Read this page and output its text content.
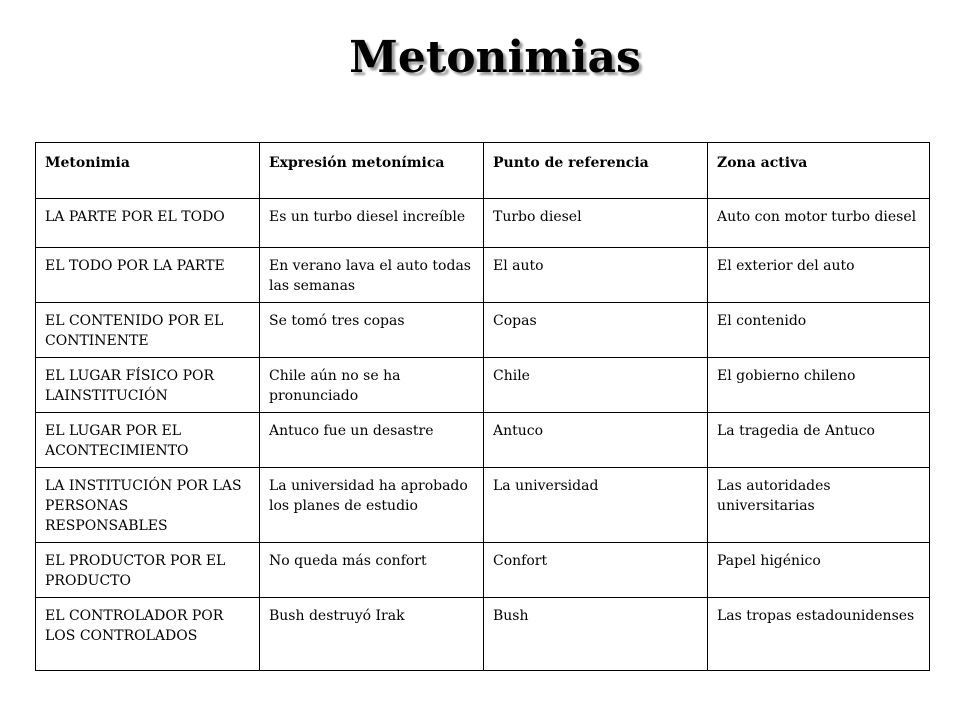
Metonimias
Metonimia	Expresión metonímica	Punto de referencia	Zona activa
LA PARTE POR EL TODO	Es un turbo diesel increíble	Turbo diesel	Auto con motor turbo diesel
EL TODO POR LA PARTE	En verano lava el auto todas las semanas	El auto	El exterior del auto
EL CONTENIDO POR EL CONTINENTE	Se tomó tres copas	Copas	El contenido
EL LUGAR FÍSICO POR LAINSTITUCIÓN	Chile aún no se ha pronunciado	Chile	El gobierno chileno
EL LUGAR POR EL ACONTECIMIENTO	Antuco fue un desastre	Antuco	La tragedia de Antuco
LA INSTITUCIÓN POR LAS PERSONAS RESPONSABLES	La universidad ha aprobado los planes de estudio	La universidad	Las autoridades universitarias
EL PRODUCTOR POR EL PRODUCTO	No queda más confort	Confort	Papel higénico
EL CONTROLADOR POR LOS CONTROLADOS	Bush destruyó Irak	Bush	Las tropas estadounidenses
